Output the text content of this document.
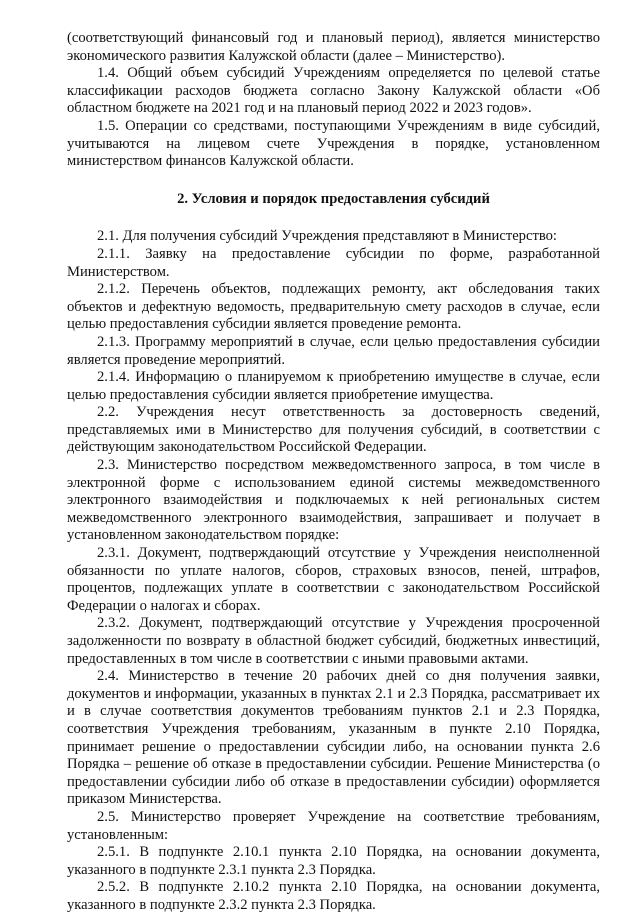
(соответствующий финансовый год и плановый период), является министерство экономического развития Калужской области (далее – Министерство).

1.4. Общий объем субсидий Учреждениям определяется по целевой статье классификации расходов бюджета согласно Закону Калужской области «Об областном бюджете на 2021 год и на плановый период 2022 и 2023 годов».

1.5. Операции со средствами, поступающими Учреждениям в виде субсидий, учитываются на лицевом счете Учреждения в порядке, установленном министерством финансов Калужской области.

2. Условия и порядок предоставления субсидий

2.1. Для получения субсидий Учреждения представляют в Министерство:

2.1.1. Заявку на предоставление субсидии по форме, разработанной Министерством.

2.1.2. Перечень объектов, подлежащих ремонту, акт обследования таких объектов и дефектную ведомость, предварительную смету расходов в случае, если целью предоставления субсидии является проведение ремонта.

2.1.3. Программу мероприятий в случае, если целью предоставления субсидии является проведение мероприятий.

2.1.4. Информацию о планируемом к приобретению имуществе в случае, если целью предоставления субсидии является приобретение имущества.

2.2. Учреждения несут ответственность за достоверность сведений, представляемых ими в Министерство для получения субсидий, в соответствии с действующим законодательством Российской Федерации.

2.3. Министерство посредством межведомственного запроса, в том числе в электронной форме с использованием единой системы межведомственного электронного взаимодействия и подключаемых к ней региональных систем межведомственного электронного взаимодействия, запрашивает и получает в установленном законодательством порядке:

2.3.1. Документ, подтверждающий отсутствие у Учреждения неисполненной обязанности по уплате налогов, сборов, страховых взносов, пеней, штрафов, процентов, подлежащих уплате в соответствии с законодательством Российской Федерации о налогах и сборах.

2.3.2. Документ, подтверждающий отсутствие у Учреждения просроченной задолженности по возврату в областной бюджет субсидий, бюджетных инвестиций, предоставленных в том числе в соответствии с иными правовыми актами.

2.4. Министерство в течение 20 рабочих дней со дня получения заявки, документов и информации, указанных в пунктах 2.1 и 2.3 Порядка, рассматривает их и в случае соответствия документов требованиям пунктов 2.1 и 2.3 Порядка, соответствия Учреждения требованиям, указанным в пункте 2.10 Порядка, принимает решение о предоставлении субсидии либо, на основании пункта 2.6 Порядка – решение об отказе в предоставлении субсидии. Решение Министерства (о предоставлении субсидии либо об отказе в предоставлении субсидии) оформляется приказом Министерства.

2.5. Министерство проверяет Учреждение на соответствие требованиям, установленным:

2.5.1. В подпункте 2.10.1 пункта 2.10 Порядка, на основании документа, указанного в подпункте 2.3.1 пункта 2.3 Порядка.

2.5.2. В подпункте 2.10.2 пункта 2.10 Порядка, на основании документа, указанного в подпункте 2.3.2 пункта 2.3 Порядка.
